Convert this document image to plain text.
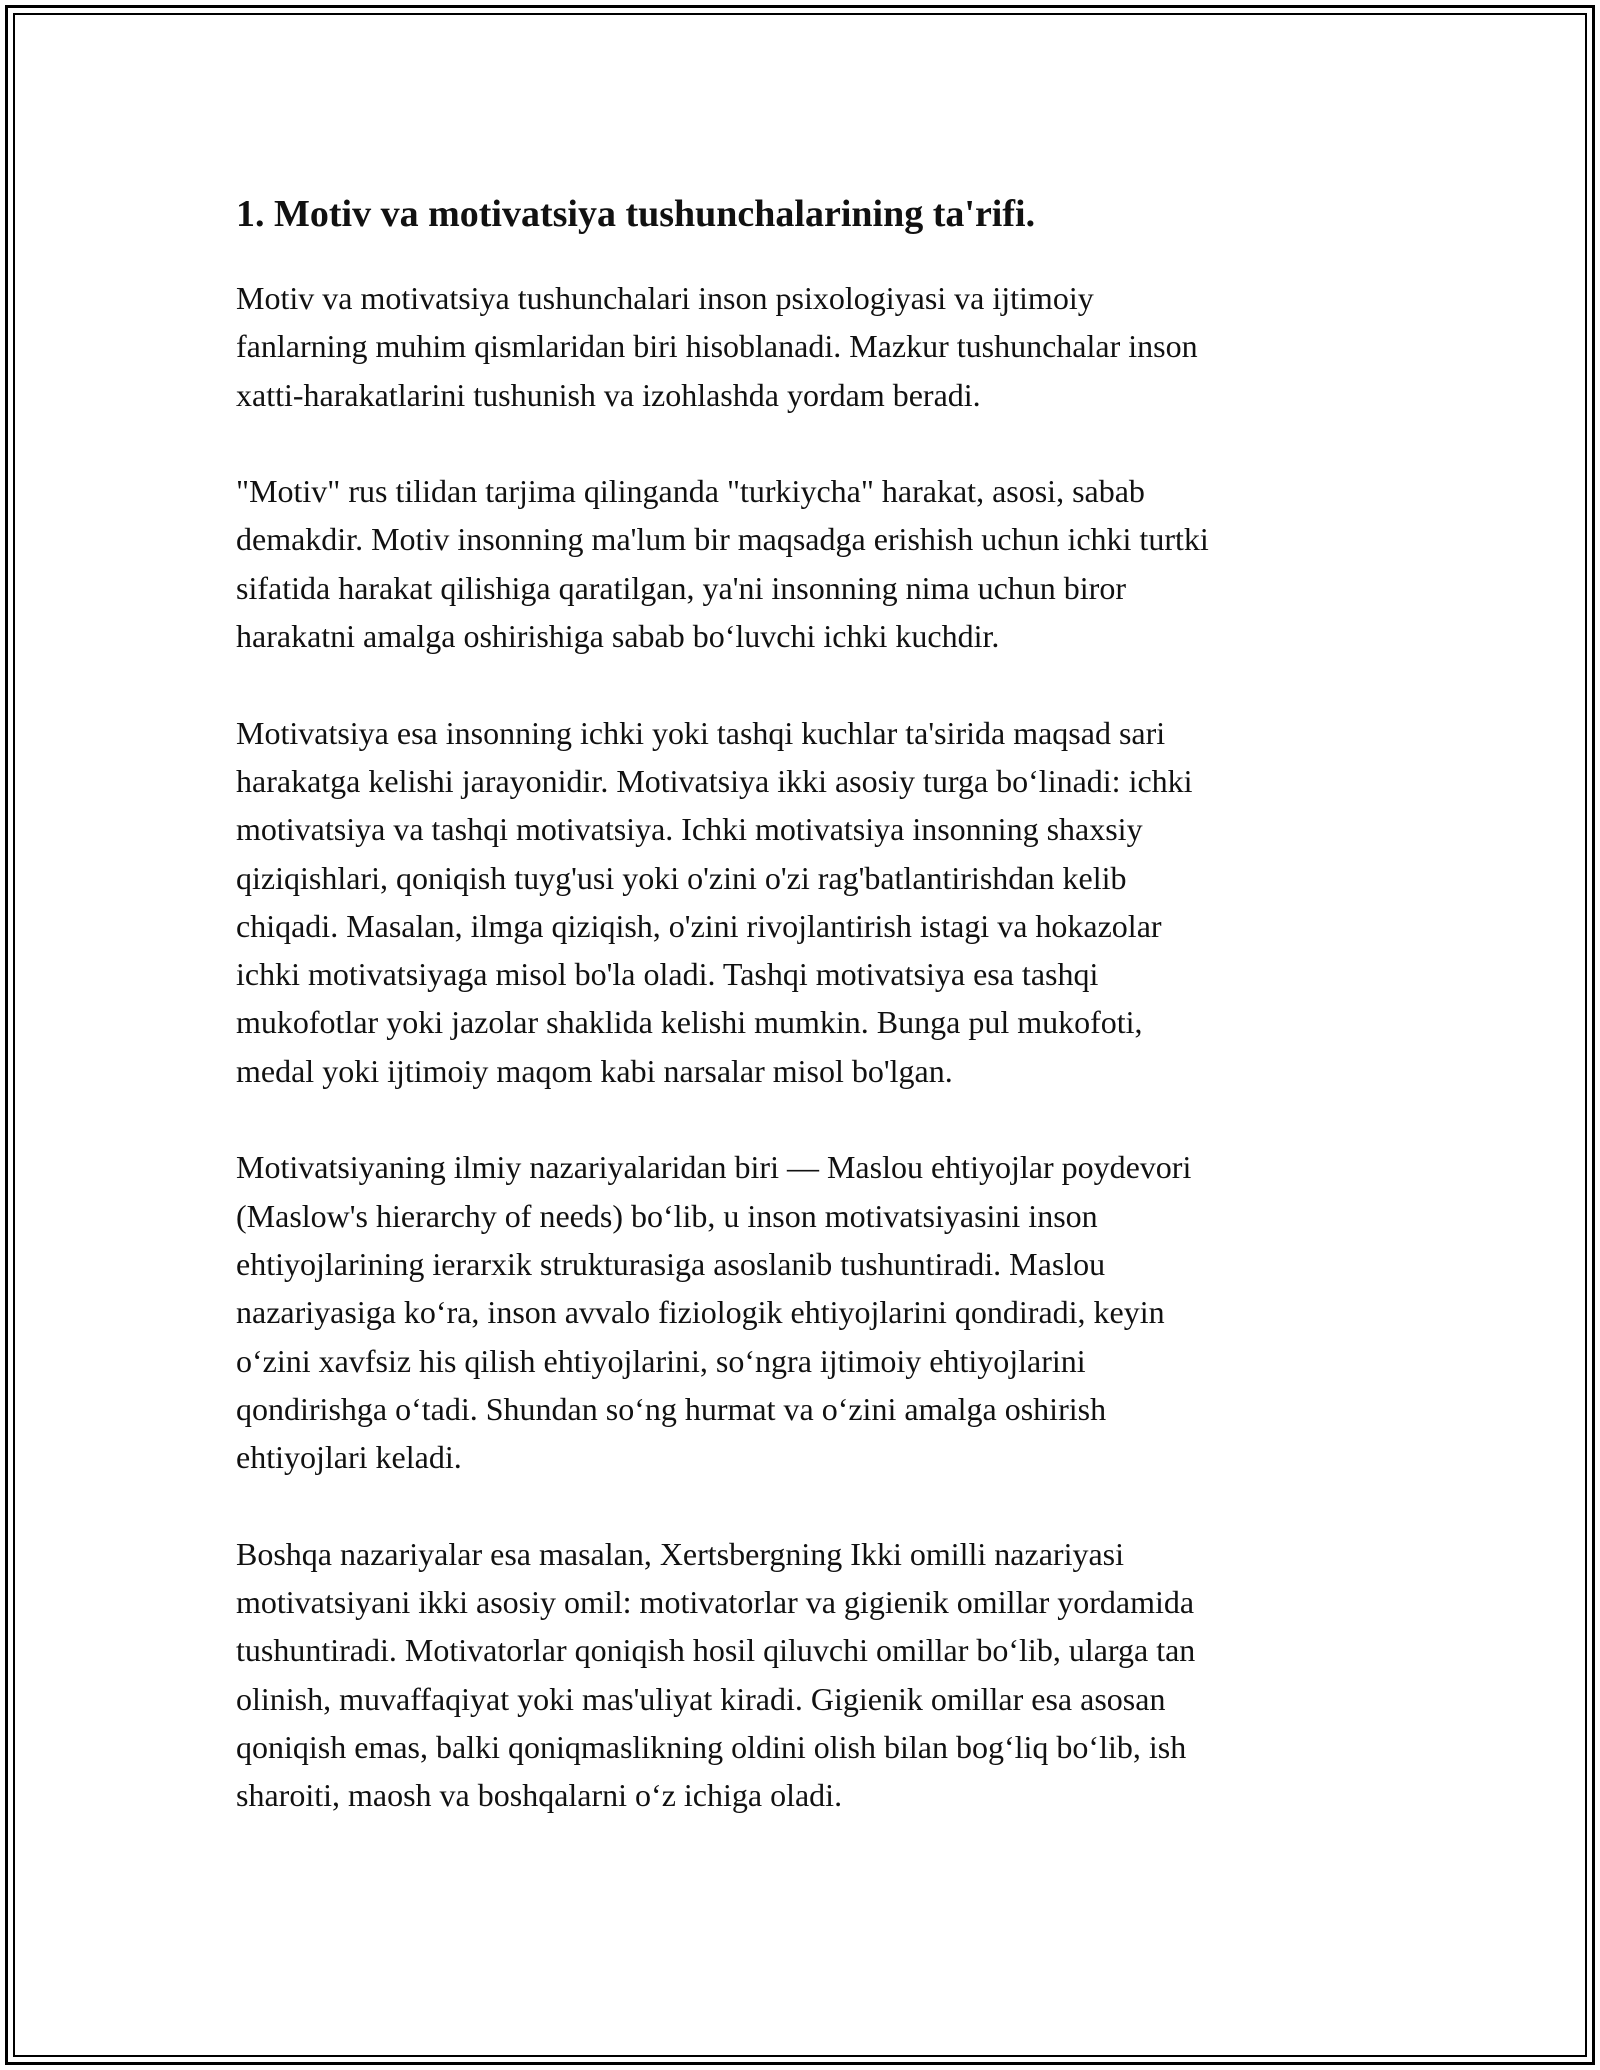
1. Motiv va motivatsiya tushunchalarining ta'rifi.

Motiv va motivatsiya tushunchalari inson psixologiyasi va ijtimoiy
fanlarning muhim qismlaridan biri hisoblanadi. Mazkur tushunchalar inson
xatti-harakatlarini tushunish va izohlashda yordam beradi.

"Motiv" rus tilidan tarjima qilinganda "turkiycha" harakat, asosi, sabab
demakdir. Motiv insonning ma'lum bir maqsadga erishish uchun ichki turtki
sifatida harakat qilishiga qaratilgan, ya'ni insonning nima uchun biror
harakatni amalga oshirishiga sabab bo‘luvchi ichki kuchdir.

Motivatsiya esa insonning ichki yoki tashqi kuchlar ta'sirida maqsad sari
harakatga kelishi jarayonidir. Motivatsiya ikki asosiy turga bo‘linadi: ichki
motivatsiya va tashqi motivatsiya. Ichki motivatsiya insonning shaxsiy
qiziqishlari, qoniqish tuyg'usi yoki o'zini o'zi rag'batlantirishdan kelib
chiqadi. Masalan, ilmga qiziqish, o'zini rivojlantirish istagi va hokazolar
ichki motivatsiyaga misol bo'la oladi. Tashqi motivatsiya esa tashqi
mukofotlar yoki jazolar shaklida kelishi mumkin. Bunga pul mukofoti,
medal yoki ijtimoiy maqom kabi narsalar misol bo'lgan.

Motivatsiyaning ilmiy nazariyalaridan biri — Maslou ehtiyojlar poydevori
(Maslow's hierarchy of needs) bo‘lib, u inson motivatsiyasini inson
ehtiyojlarining ierarxik strukturasiga asoslanib tushuntiradi. Maslou
nazariyasiga ko‘ra, inson avvalo fiziologik ehtiyojlarini qondiradi, keyin
o‘zini xavfsiz his qilish ehtiyojlarini, so‘ngra ijtimoiy ehtiyojlarini
qondirishga o‘tadi. Shundan so‘ng hurmat va o‘zini amalga oshirish
ehtiyojlari keladi.

Boshqa nazariyalar esa masalan, Xertsbergning Ikki omilli nazariyasi
motivatsiyani ikki asosiy omil: motivatorlar va gigienik omillar yordamida
tushuntiradi. Motivatorlar qoniqish hosil qiluvchi omillar bo‘lib, ularga tan
olinish, muvaffaqiyat yoki mas'uliyat kiradi. Gigienik omillar esa asosan
qoniqish emas, balki qoniqmaslikning oldini olish bilan bog‘liq bo‘lib, ish
sharoiti, maosh va boshqalarni o‘z ichiga oladi.
